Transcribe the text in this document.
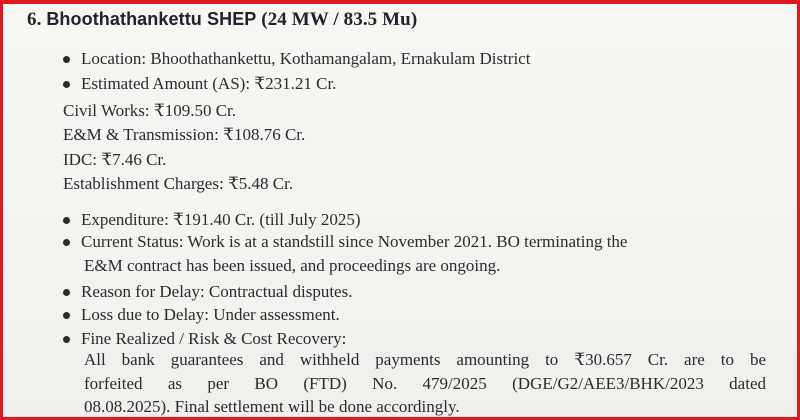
6. Bhoothathankettu SHEP (24 MW / 83.5 Mu)
Location: Bhoothathankettu, Kothamangalam, Ernakulam District
Estimated Amount (AS): ₹231.21 Cr.
Civil Works: ₹109.50 Cr.
E&M & Transmission: ₹108.76 Cr.
IDC: ₹7.46 Cr.
Establishment Charges: ₹5.48 Cr.
Expenditure: ₹191.40 Cr. (till July 2025)
Current Status: Work is at a standstill since November 2021. BO terminating the
E&M contract has been issued, and proceedings are ongoing.
Reason for Delay: Contractual disputes.
Loss due to Delay: Under assessment.
Fine Realized / Risk & Cost Recovery:
All bank guarantees and withheld payments amounting to ₹30.657 Cr. are to be
forfeited as per BO (FTD) No. 479/2025 (DGE/G2/AEE3/BHK/2023 dated
08.08.2025). Final settlement will be done accordingly.
